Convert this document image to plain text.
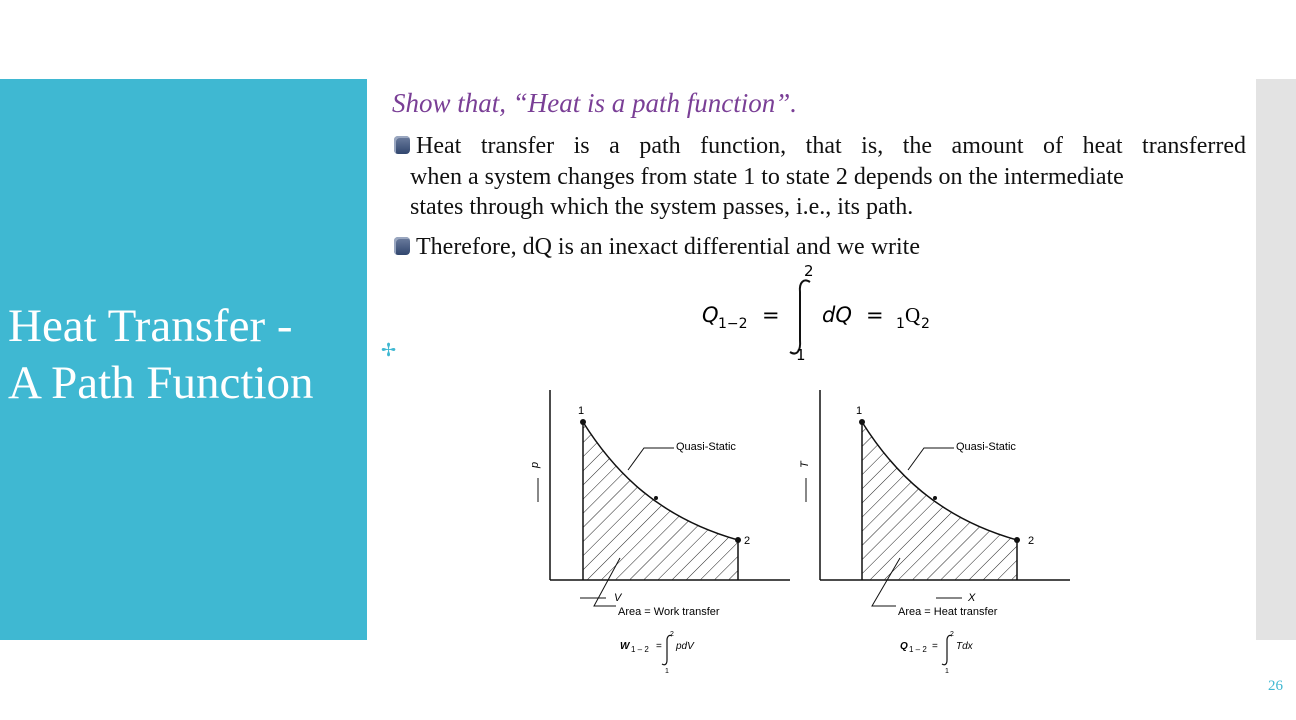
Heat Transfer -
A Path Function
Show that, “Heat is a path function”.
Heat transfer is a path function, that is, the amount of heat transferred
when a system changes from state 1 to state 2 depends on the intermediate
states through which the system passes, i.e., its path.
Therefore, dQ is an inexact differential and we write
Q 1−2 =
2
1
dQ = 1 Q 2
✢
1
2
Quasi-Static
p
V
Area = Work transfer
W 1 – 2 =
2
1
pdV
1
2
Quasi-Static
T
X
Area = Heat transfer
Q 1 – 2 =
2
1
Tdx
26
